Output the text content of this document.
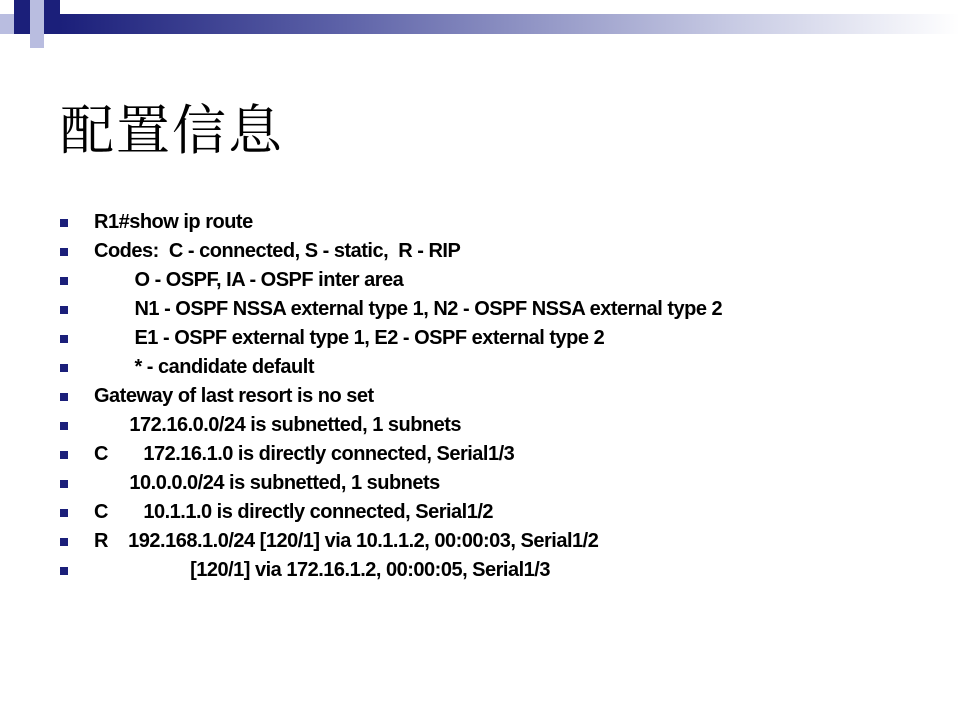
配置信息
R1#show ip route
Codes:  C - connected, S - static,  R - RIP
O - OSPF, IA - OSPF inter area
N1 - OSPF NSSA external type 1, N2 - OSPF NSSA external type 2
E1 - OSPF external type 1, E2 - OSPF external type 2
* - candidate default
Gateway of last resort is no set
172.16.0.0/24 is subnetted, 1 subnets
C       172.16.1.0 is directly connected, Serial1/3
10.0.0.0/24 is subnetted, 1 subnets
C       10.1.1.0 is directly connected, Serial1/2
R    192.168.1.0/24 [120/1] via 10.1.1.2, 00:00:03, Serial1/2
[120/1] via 172.16.1.2, 00:00:05, Serial1/3
